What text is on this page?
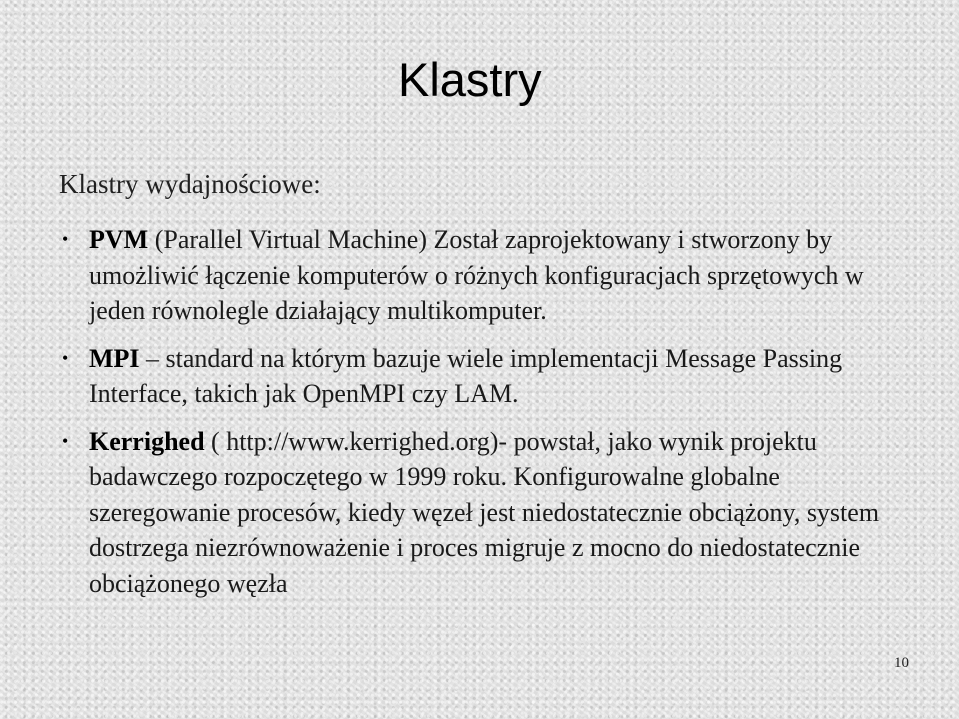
Klastry
Klastry wydajnościowe:
• PVM (Parallel Virtual Machine) Został zaprojektowany i stworzony by umożliwić łączenie komputerów o różnych konfiguracjach sprzętowych w jeden równolegle działający multikomputer.
• MPI – standard na którym bazuje wiele implementacji Message Passing Interface, takich jak OpenMPI czy LAM.
• Kerrighed ( http://www.kerrighed.org)- powstał, jako wynik projektu badawczego rozpoczętego w 1999 roku. Konfigurowalne globalne szeregowanie procesów, kiedy węzeł jest niedostatecznie obciążony, system dostrzega niezrównoważenie i proces migruje z mocno do niedostatecznie obciążonego węzła
10
